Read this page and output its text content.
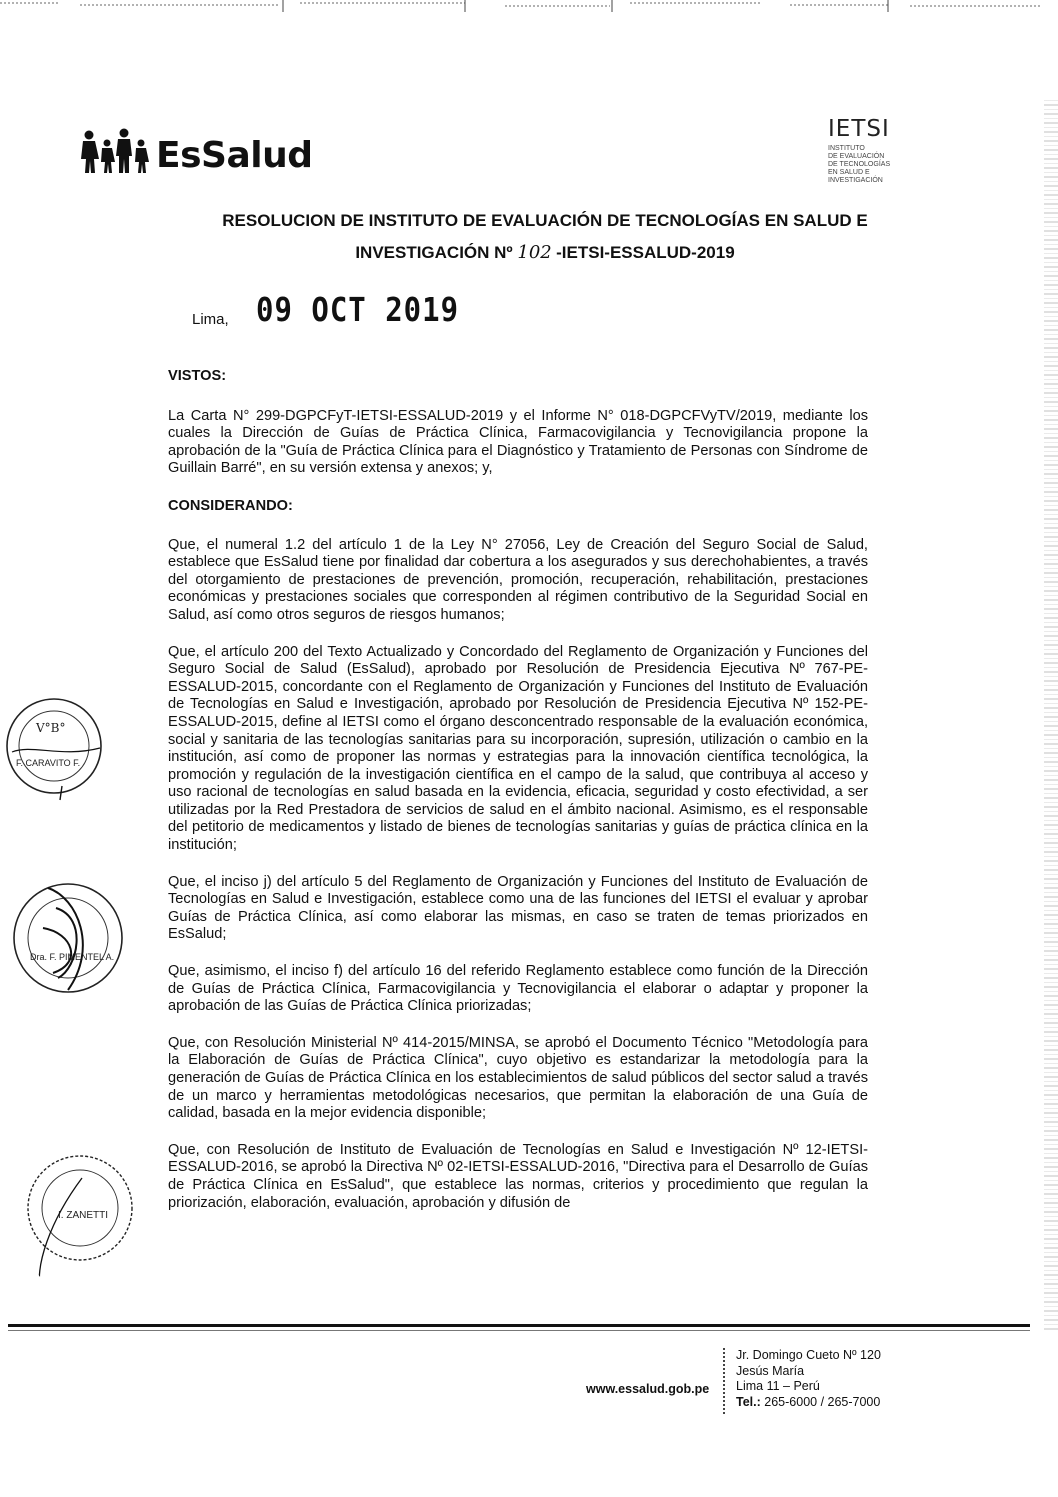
EsSalud
IETSI
INSTITUTO
DE EVALUACIÓN
DE TECNOLOGÍAS
EN SALUD E
INVESTIGACIÓN
RESOLUCION DE INSTITUTO DE EVALUACIÓN DE TECNOLOGÍAS EN SALUD E
INVESTIGACIÓN Nº 102 -IETSI-ESSALUD-2019
Lima, 09 OCT 2019

VISTOS:

La Carta N° 299-DGPCFyT-IETSI-ESSALUD-2019 y el Informe N° 018-DGPCFVyTV/2019, mediante los cuales la Dirección de Guías de Práctica Clínica, Farmacovigilancia y Tecnovigilancia propone la aprobación de la "Guía de Práctica Clínica para el Diagnóstico y Tratamiento de Personas con Síndrome de Guillain Barré", en su versión extensa y anexos; y,

CONSIDERANDO:

Que, el numeral 1.2 del artículo 1 de la Ley N° 27056, Ley de Creación del Seguro Social de Salud, establece que EsSalud tiene por finalidad dar cobertura a los asegurados y sus derechohabientes, a través del otorgamiento de prestaciones de prevención, promoción, recuperación, rehabilitación, prestaciones económicas y prestaciones sociales que corresponden al régimen contributivo de la Seguridad Social en Salud, así como otros seguros de riesgos humanos;

Que, el artículo 200 del Texto Actualizado y Concordado del Reglamento de Organización y Funciones del Seguro Social de Salud (EsSalud), aprobado por Resolución de Presidencia Ejecutiva Nº 767-PE-ESSALUD-2015, concordante con el Reglamento de Organización y Funciones del Instituto de Evaluación de Tecnologías en Salud e Investigación, aprobado por Resolución de Presidencia Ejecutiva Nº 152-PE-ESSALUD-2015, define al IETSI como el órgano desconcentrado responsable de la evaluación económica, social y sanitaria de las tecnologías sanitarias para su incorporación, supresión, utilización o cambio en la institución, así como de proponer las normas y estrategias para la innovación científica tecnológica, la promoción y regulación de la investigación científica en el campo de la salud, que contribuya al acceso y uso racional de tecnologías en salud basada en la evidencia, eficacia, seguridad y costo efectividad, a ser utilizadas por la Red Prestadora de servicios de salud en el ámbito nacional. Asimismo, es el responsable del petitorio de medicamentos y listado de bienes de tecnologías sanitarias y guías de práctica clínica en la institución;

Que, el inciso j) del artículo 5 del Reglamento de Organización y Funciones del Instituto de Evaluación de Tecnologías en Salud e Investigación, establece como una de las funciones del IETSI el evaluar y aprobar Guías de Práctica Clínica, así como elaborar las mismas, en caso se traten de temas priorizados en EsSalud;

Que, asimismo, el inciso f) del artículo 16 del referido Reglamento establece como función de la Dirección de Guías de Práctica Clínica, Farmacovigilancia y Tecnovigilancia el elaborar o adaptar y proponer la aprobación de las Guías de Práctica Clínica priorizadas;

Que, con Resolución Ministerial Nº 414-2015/MINSA, se aprobó el Documento Técnico "Metodología para la Elaboración de Guías de Práctica Clínica", cuyo objetivo es estandarizar la metodología para la generación de Guías de Práctica Clínica en los establecimientos de salud públicos del sector salud a través de un marco y herramientas metodológicas necesarios, que permitan la elaboración de una Guía de calidad, basada en la mejor evidencia disponible;

Que, con Resolución de Instituto de Evaluación de Tecnologías en Salud e Investigación Nº 12-IETSI-ESSALUD-2016, se aprobó la Directiva Nº 02-IETSI-ESSALUD-2016, "Directiva para el Desarrollo de Guías de Práctica Clínica en EsSalud", que establece las normas, criterios y procedimiento que regulan la priorización, elaboración, evaluación, aprobación y difusión de

V°B°
F. CARAVITO F.
Dra. F. PIMENTEL A.
I. ZANETTI
www.essalud.gob.pe
Jr. Domingo Cueto Nº 120
Jesús María
Lima 11 – Perú
Tel.: 265-6000 / 265-7000
